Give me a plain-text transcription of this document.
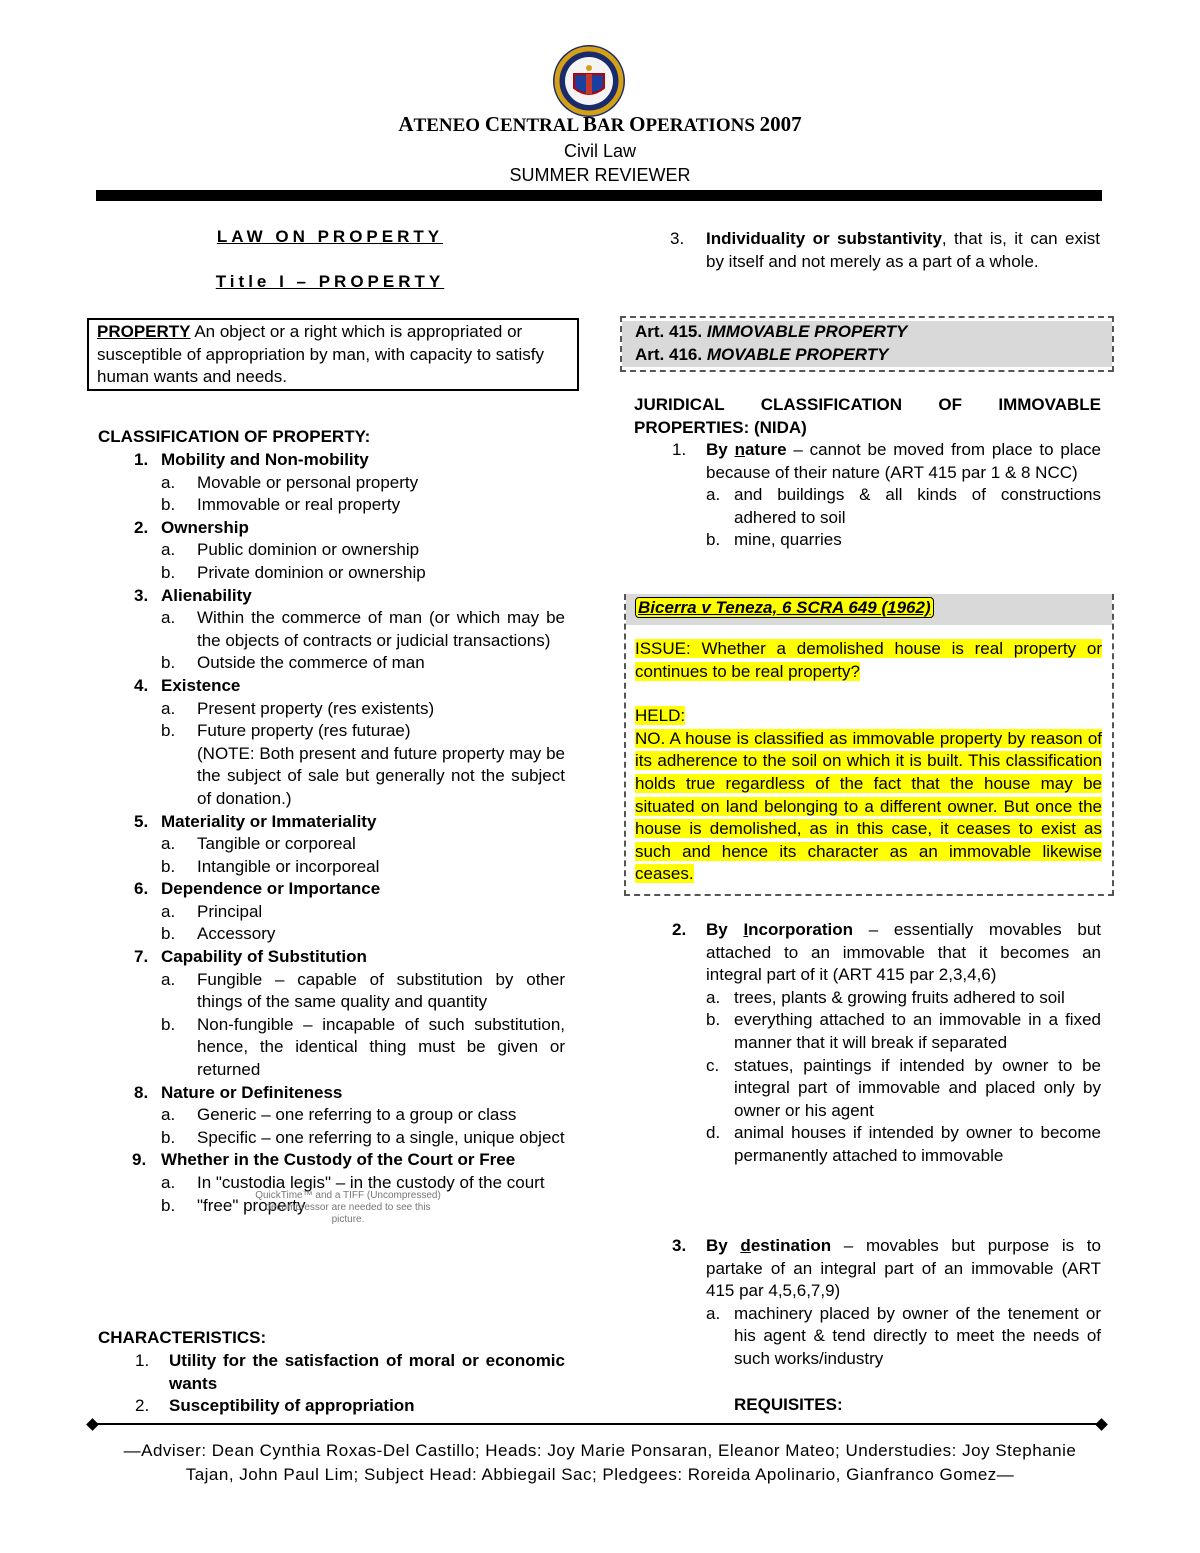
ATENEO CENTRAL BAR OPERATIONS 2007
Civil Law
SUMMER REVIEWER
LAW ON PROPERTY
Title I – PROPERTY
PROPERTY An object or a right which is appropriated or susceptible of appropriation by man, with capacity to satisfy human wants and needs.
CLASSIFICATION OF PROPERTY:
1. Mobility and Non-mobility
a. Movable or personal property
b. Immovable or real property
2. Ownership
a. Public dominion or ownership
b. Private dominion or ownership
3. Alienability
a. Within the commerce of man (or which may be the objects of contracts or judicial transactions)
b. Outside the commerce of man
4. Existence
a. Present property (res existents)
b. Future property (res futurae)
(NOTE: Both present and future property may be the subject of sale but generally not the subject of donation.)
5. Materiality or Immateriality
a. Tangible or corporeal
b. Intangible or incorporeal
6. Dependence or Importance
a. Principal
b. Accessory
7. Capability of Substitution
a. Fungible – capable of substitution by other things of the same quality and quantity
b. Non-fungible – incapable of such substitution, hence, the identical thing must be given or returned
8. Nature or Definiteness
a. Generic – one referring to a group or class
b. Specific – one referring to a single, unique object
9. Whether in the Custody of the Court or Free
a. In "custodia legis" – in the custody of the court
b. "free" property
CHARACTERISTICS:
1. Utility for the satisfaction of moral or economic wants
2. Susceptibility of appropriation
QuickTime™ and a TIFF (Uncompressed) decompressor are needed to see this picture.
3. Individuality or substantivity, that is, it can exist by itself and not merely as a part of a whole.
Art. 415. IMMOVABLE PROPERTY
Art. 416. MOVABLE PROPERTY
JURIDICAL CLASSIFICATION OF IMMOVABLE PROPERTIES: (NIDA)
1. By nature – cannot be moved from place to place because of their nature (ART 415 par 1 & 8 NCC)
a. and buildings & all kinds of constructions adhered to soil
b. mine, quarries
Bicerra v Teneza, 6 SCRA 649 (1962)
ISSUE: Whether a demolished house is real property or continues to be real property?
HELD:
NO. A house is classified as immovable property by reason of its adherence to the soil on which it is built. This classification holds true regardless of the fact that the house may be situated on land belonging to a different owner. But once the house is demolished, as in this case, it ceases to exist as such and hence its character as an immovable likewise ceases.
2. By Incorporation – essentially movables but attached to an immovable that it becomes an integral part of it (ART 415 par 2,3,4,6)
a. trees, plants & growing fruits adhered to soil
b. everything attached to an immovable in a fixed manner that it will break if separated
c. statues, paintings if intended by owner to be integral part of immovable and placed only by owner or his agent
d. animal houses if intended by owner to become permanently attached to immovable
3. By destination – movables but purpose is to partake of an integral part of an immovable (ART 415 par 4,5,6,7,9)
a. machinery placed by owner of the tenement or his agent & tend directly to meet the needs of such works/industry
REQUISITES:
—Adviser: Dean Cynthia Roxas-Del Castillo; Heads: Joy Marie Ponsaran, Eleanor Mateo; Understudies: Joy Stephanie
Tajan, John Paul Lim; Subject Head: Abbiegail Sac; Pledgees: Roreida Apolinario, Gianfranco Gomez—
